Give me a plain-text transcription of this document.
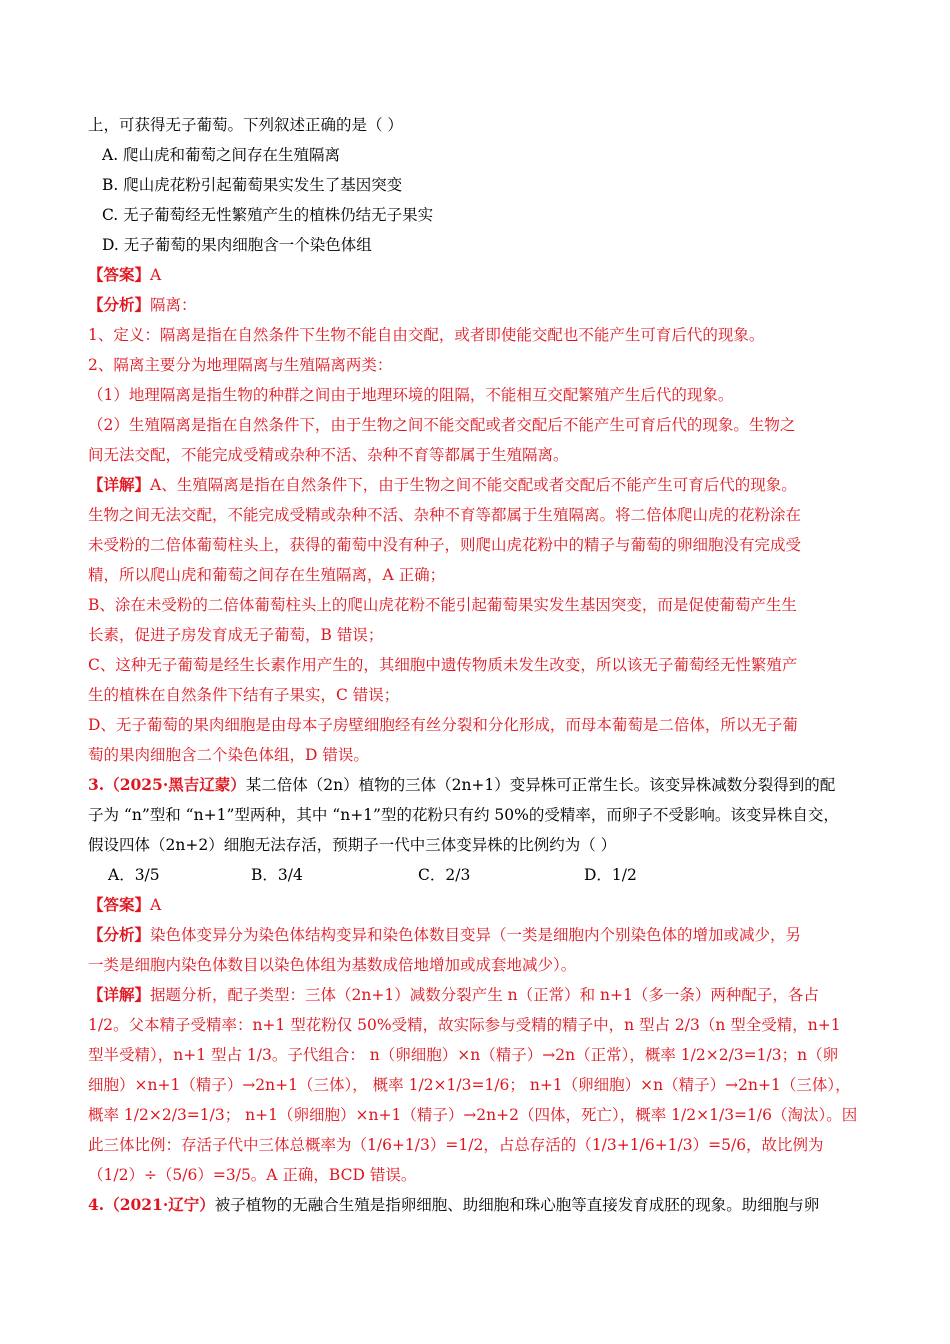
上，可获得无子葡萄。下列叙述正确的是（ ）
A. 爬山虎和葡萄之间存在生殖隔离
B. 爬山虎花粉引起葡萄果实发生了基因突变
C. 无子葡萄经无性繁殖产生的植株仍结无子果实
D. 无子葡萄的果肉细胞含一个染色体组
【答案】A
【分析】隔离：
1、定义：隔离是指在自然条件下生物不能自由交配，或者即使能交配也不能产生可育后代的现象。
2、隔离主要分为地理隔离与生殖隔离两类：
（1）地理隔离是指生物的种群之间由于地理环境的阻隔，不能相互交配繁殖产生后代的现象。
（2）生殖隔离是指在自然条件下，由于生物之间不能交配或者交配后不能产生可育后代的现象。生物之
间无法交配，不能完成受精或杂种不活、杂种不育等都属于生殖隔离。
【详解】A、生殖隔离是指在自然条件下，由于生物之间不能交配或者交配后不能产生可育后代的现象。
生物之间无法交配，不能完成受精或杂种不活、杂种不育等都属于生殖隔离。将二倍体爬山虎的花粉涂在
未受粉的二倍体葡萄柱头上，获得的葡萄中没有种子，则爬山虎花粉中的精子与葡萄的卵细胞没有完成受
精，所以爬山虎和葡萄之间存在生殖隔离，A 正确；
B、涂在未受粉的二倍体葡萄柱头上的爬山虎花粉不能引起葡萄果实发生基因突变，而是促使葡萄产生生
长素，促进子房发育成无子葡萄，B 错误；
C、这种无子葡萄是经生长素作用产生的，其细胞中遗传物质未发生改变，所以该无子葡萄经无性繁殖产
生的植株在自然条件下结有子果实，C 错误；
D、无子葡萄的果肉细胞是由母本子房壁细胞经有丝分裂和分化形成，而母本葡萄是二倍体，所以无子葡
萄的果肉细胞含二个染色体组，D 错误。
3.（2025·黑吉辽蒙）某二倍体（2n）植物的三体（2n+1）变异株可正常生长。该变异株减数分裂得到的配
子为 “n”型和 “n+1”型两种，其中 “n+1”型的花粉只有约 50%的受精率，而卵子不受影响。该变异株自交，
假设四体（2n+2）细胞无法存活，预期子一代中三体变异株的比例约为（ ）
A．3/5	B．3/4	C．2/3	D．1/2
【答案】A
【分析】染色体变异分为染色体结构变异和染色体数目变异（一类是细胞内个别染色体的增加或减少，另
一类是细胞内染色体数目以染色体组为基数成倍地增加或成套地减少）。
【详解】据题分析，配子类型：三体（2n+1）减数分裂产生 n（正常）和 n+1（多一条）两种配子，各占
1/2。父本精子受精率：n+1 型花粉仅 50%受精，故实际参与受精的精子中，n 型占 2/3（n 型全受精，n+1
型半受精），n+1 型占 1/3。子代组合： n（卵细胞）×n（精子）→2n（正常），概率 1/2×2/3=1/3；n（卵
细胞）×n+1（精子）→2n+1（三体）， 概率 1/2×1/3=1/6； n+1（卵细胞）×n（精子）→2n+1（三体），
概率 1/2×2/3=1/3； n+1（卵细胞）×n+1（精子）→2n+2（四体，死亡），概率 1/2×1/3=1/6（淘汰）。因
此三体比例：存活子代中三体总概率为（1/6+1/3）=1/2，占总存活的（1/3+1/6+1/3）=5/6，故比例为
（1/2）÷（5/6）=3/5。A 正确，BCD 错误。
4.（2021·辽宁）被子植物的无融合生殖是指卵细胞、助细胞和珠心胞等直接发育成胚的现象。助细胞与卵
